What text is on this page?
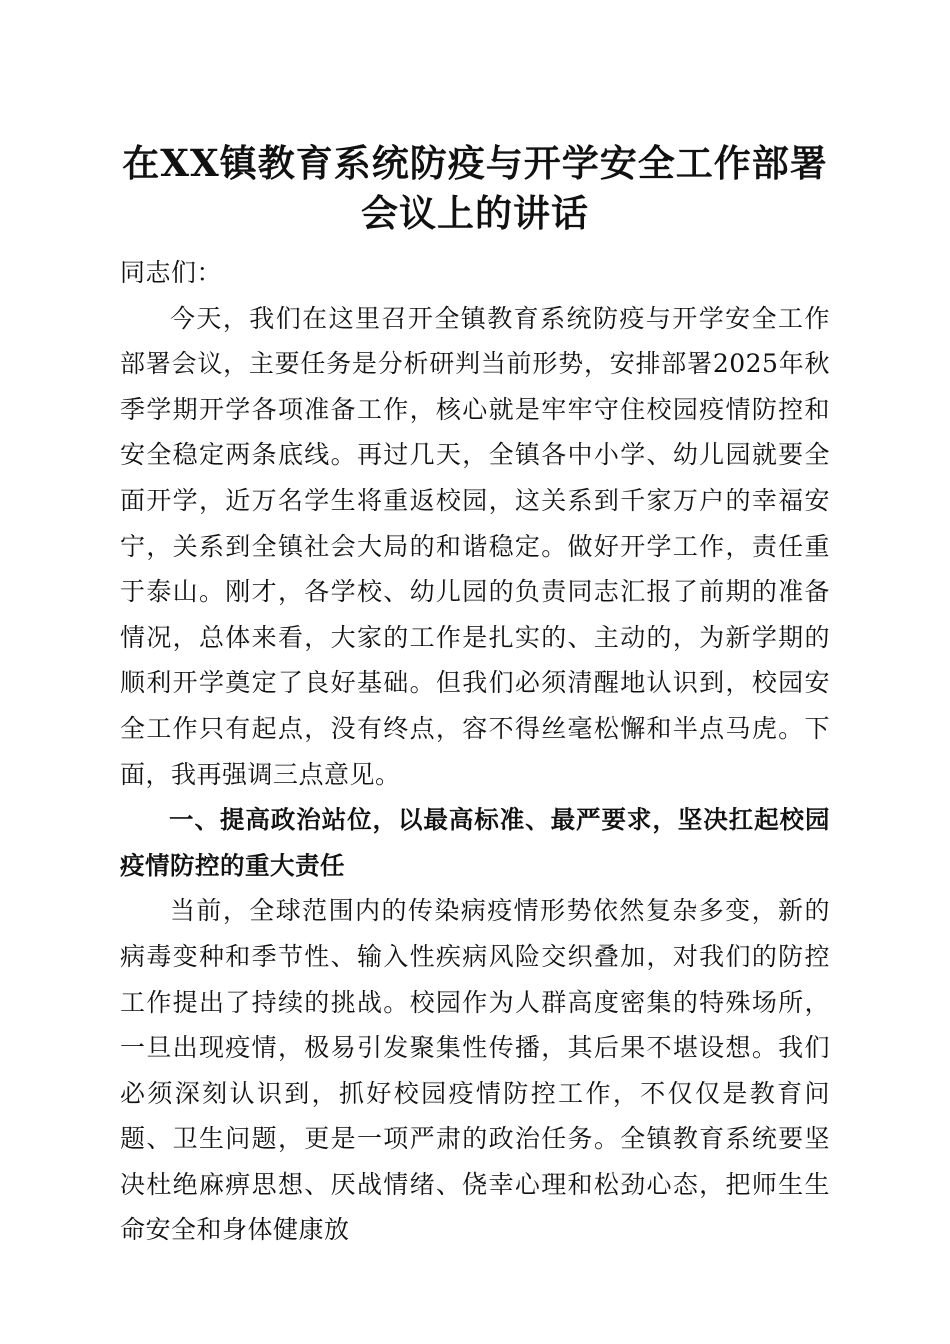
在XX镇教育系统防疫与开学安全工作部署会议上的讲话

同志们：

今天，我们在这里召开全镇教育系统防疫与开学安全工作部署会议，主要任务是分析研判当前形势，安排部署2025年秋季学期开学各项准备工作，核心就是牢牢守住校园疫情防控和安全稳定两条底线。再过几天，全镇各中小学、幼儿园就要全面开学，近万名学生将重返校园，这关系到千家万户的幸福安宁，关系到全镇社会大局的和谐稳定。做好开学工作，责任重于泰山。刚才，各学校、幼儿园的负责同志汇报了前期的准备情况，总体来看，大家的工作是扎实的、主动的，为新学期的顺利开学奠定了良好基础。但我们必须清醒地认识到，校园安全工作只有起点，没有终点，容不得丝毫松懈和半点马虎。下面，我再强调三点意见。

一、提高政治站位，以最高标准、最严要求，坚决扛起校园疫情防控的重大责任

当前，全球范围内的传染病疫情形势依然复杂多变，新的病毒变种和季节性、输入性疾病风险交织叠加，对我们的防控工作提出了持续的挑战。校园作为人群高度密集的特殊场所，一旦出现疫情，极易引发聚集性传播，其后果不堪设想。我们必须深刻认识到，抓好校园疫情防控工作，不仅仅是教育问题、卫生问题，更是一项严肃的政治任务。全镇教育系统要坚决杜绝麻痹思想、厌战情绪、侥幸心理和松劲心态，把师生生命安全和身体健康放
